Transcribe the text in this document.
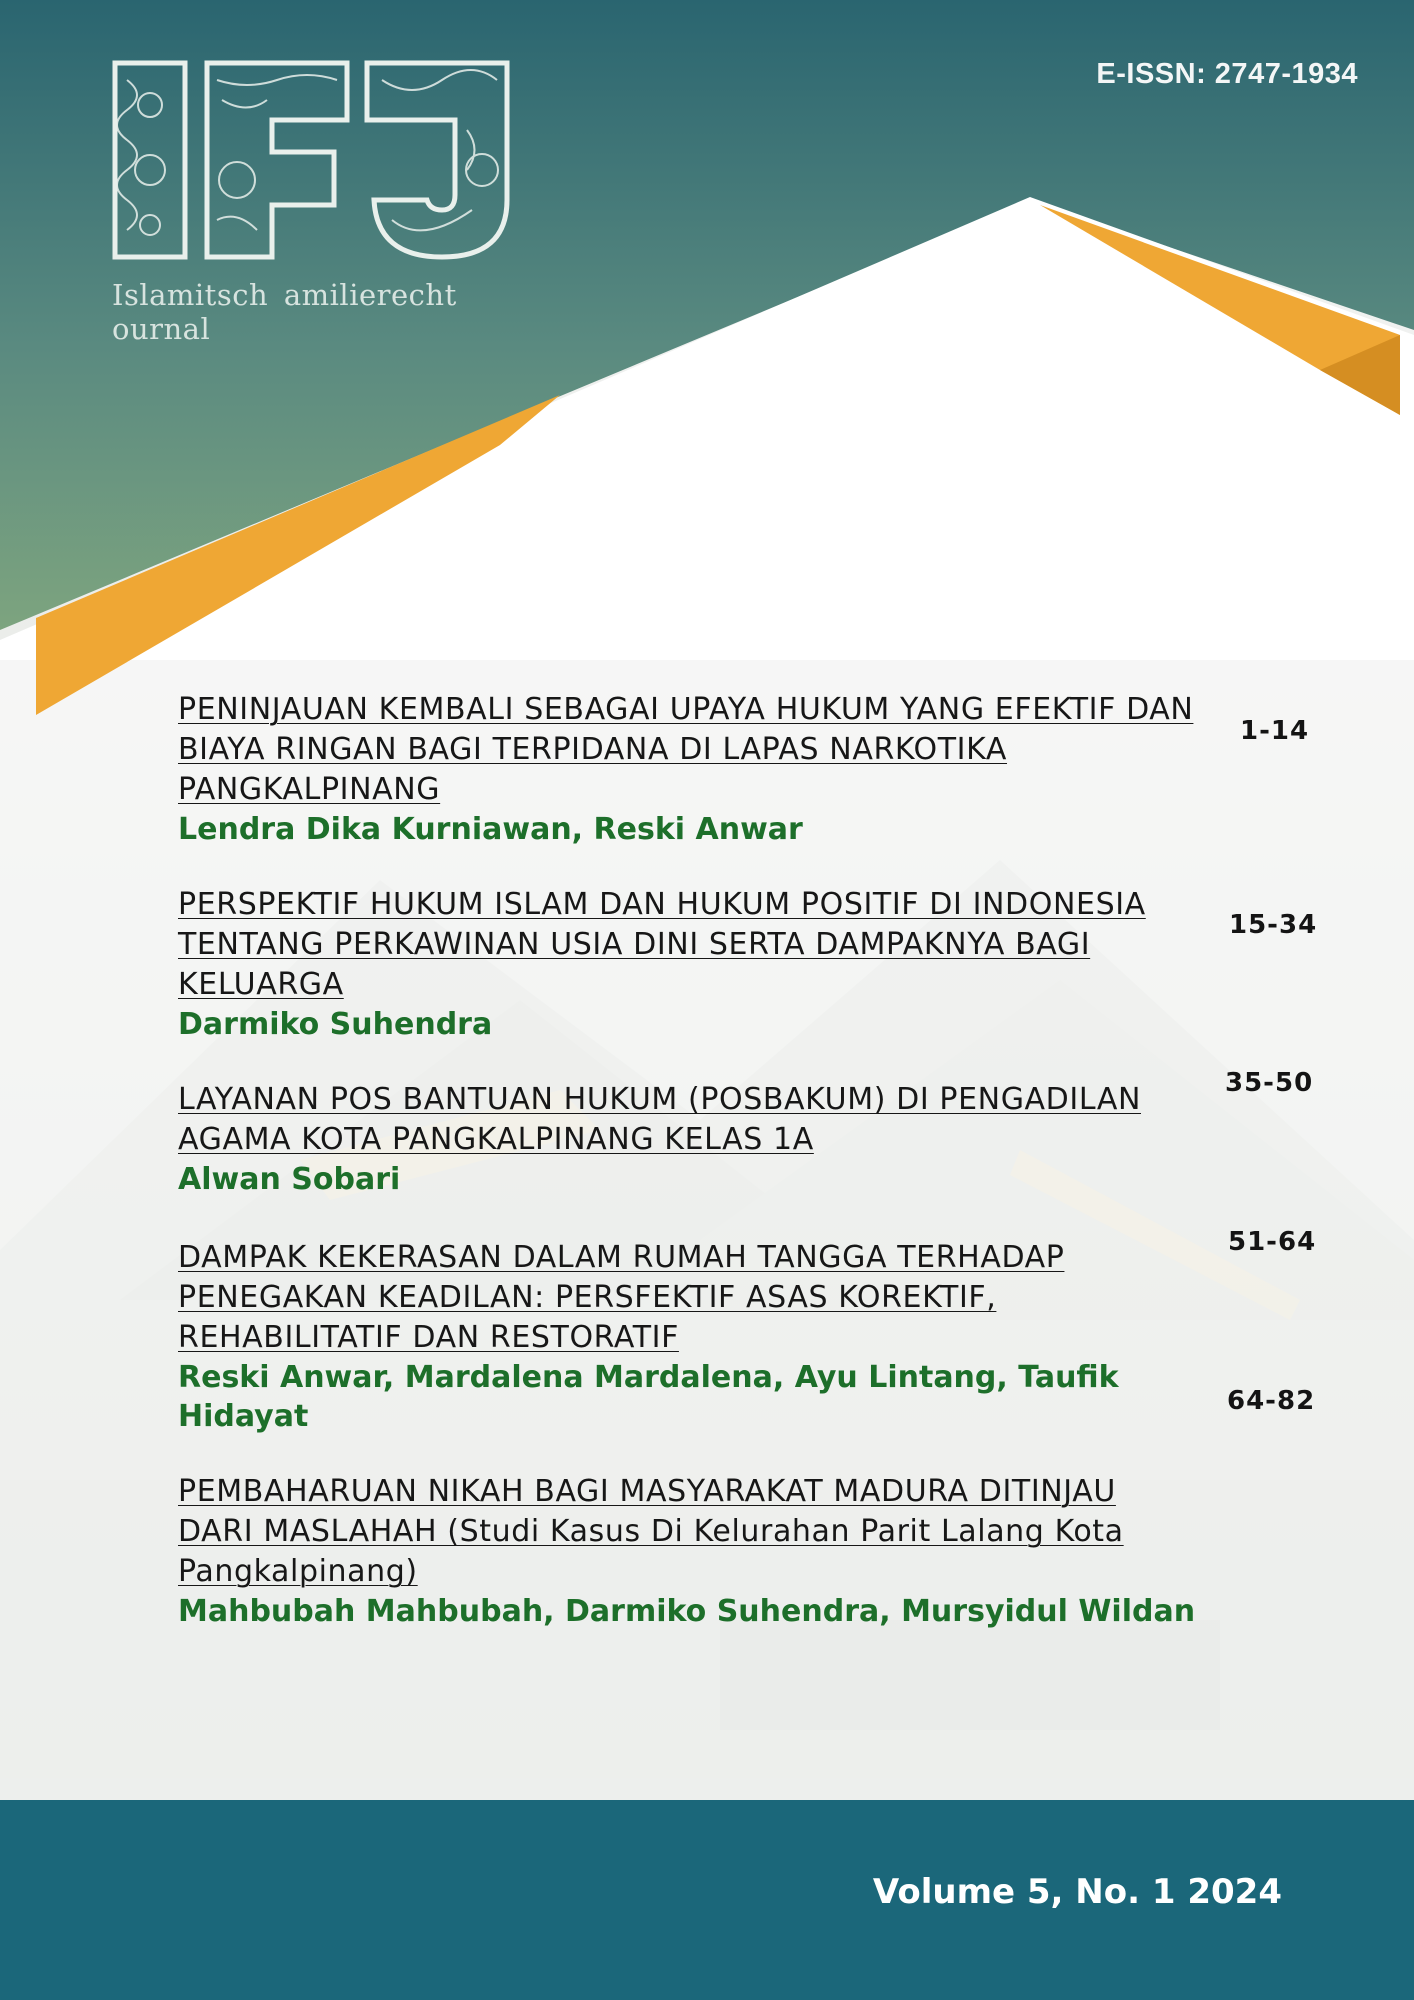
Islamitsch amilierecht ournal
E-ISSN: 2747-1934
PENINJAUAN KEMBALI SEBAGAI UPAYA HUKUM YANG EFEKTIF DAN BIAYA RINGAN BAGI TERPIDANA DI LAPAS NARKOTIKA PANGKALPINANG
Lendra Dika Kurniawan, Reski Anwar
1-14
PERSPEKTIF HUKUM ISLAM DAN HUKUM POSITIF DI INDONESIA TENTANG PERKAWINAN USIA DINI SERTA DAMPAKNYA BAGI KELUARGA
Darmiko Suhendra
15-34
LAYANAN POS BANTUAN HUKUM (POSBAKUM) DI PENGADILAN AGAMA KOTA PANGKALPINANG KELAS 1A
Alwan Sobari
35-50
DAMPAK KEKERASAN DALAM RUMAH TANGGA TERHADAP PENEGAKAN KEADILAN: PERSFEKTIF ASAS KOREKTIF, REHABILITATIF DAN RESTORATIF
Reski Anwar, Mardalena Mardalena, Ayu Lintang, Taufik Hidayat
51-64
PEMBAHARUAN NIKAH BAGI MASYARAKAT MADURA DITINJAU DARI MASLAHAH (Studi Kasus Di Kelurahan Parit Lalang Kota Pangkalpinang)
Mahbubah Mahbubah, Darmiko Suhendra, Mursyidul Wildan
64-82
Volume 5, No. 1 2024
